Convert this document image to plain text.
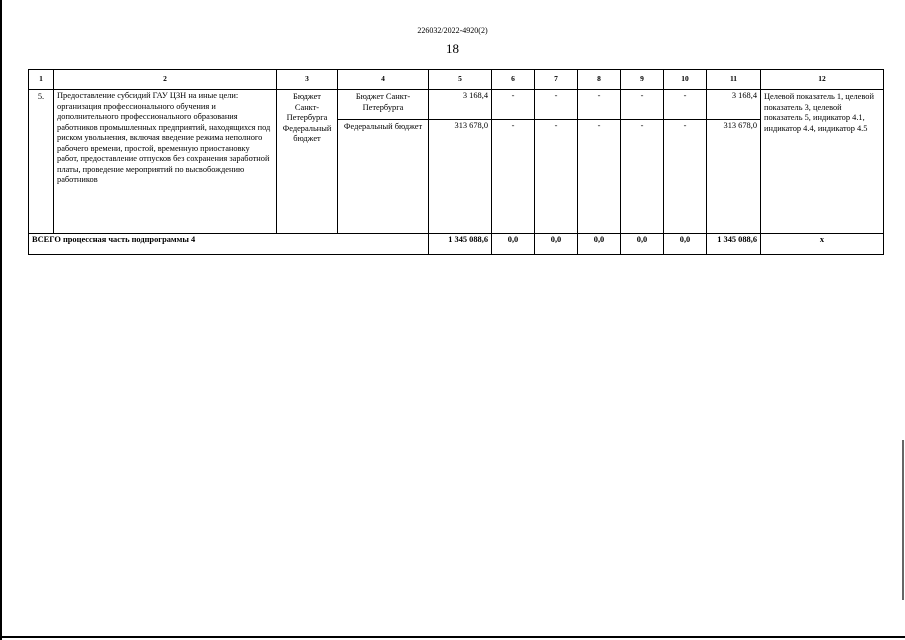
226032/2022-4920(2)
18
1	2	3	4	5	6	7	8	9	10	11	12
5.	Предоставление субсидий ГАУ ЦЗН на иные цели: организация профессионального обучения и дополнительного профессионального образования работников промышленных предприятий, находящихся под риском увольнения, включая введение режима неполного рабочего времени, простой, временную приостановку работ, предоставление отпусков без сохранения заработной платы, проведение мероприятий по высвобождению работников	Бюджет Санкт-Петербурга Федеральный бюджет	Бюджет Санкт-Петербурга	3 168,4	-	-	-	-	-	3 168,4	Целевой показатель 1, целевой показатель 3, целевой показатель 5, индикатор 4.1, индикатор 4.4, индикатор 4.5
			Федеральный бюджет	313 678,0	-	-	-	-	-	313 678,0	
ВСЕГО процессная часть подпрограммы 4				1 345 088,6	0,0	0,0	0,0	0,0	0,0	1 345 088,6	х
